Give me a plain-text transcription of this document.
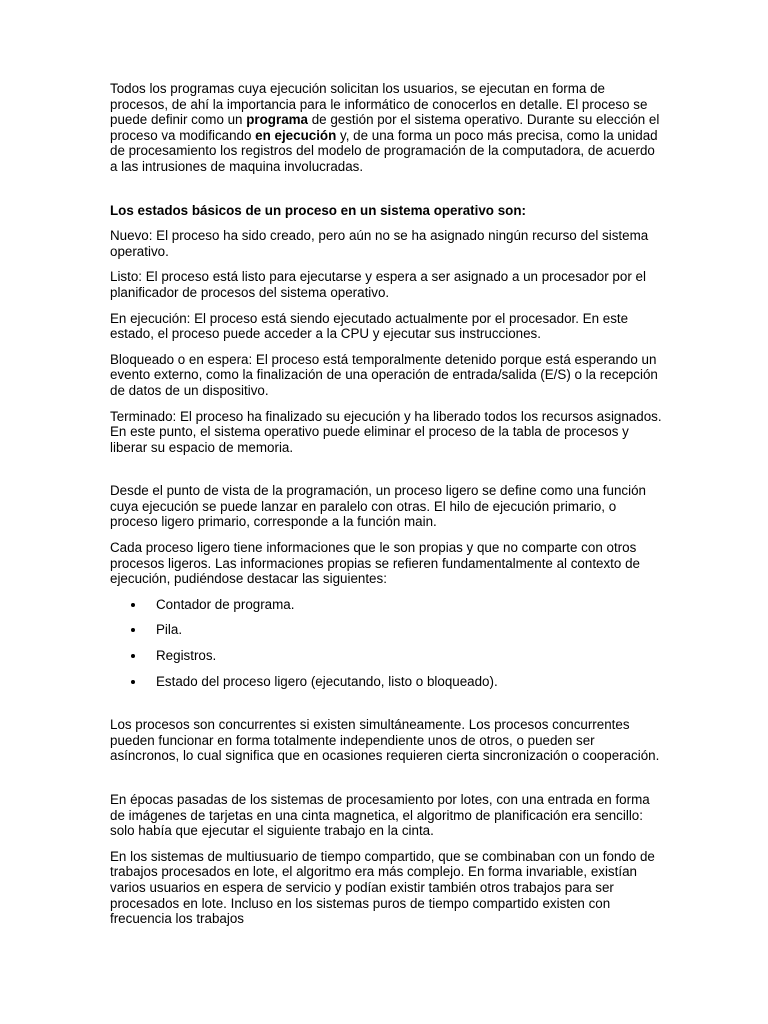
Todos los programas cuya ejecución solicitan los usuarios, se ejecutan en forma de procesos, de ahí la importancia para le informático de conocerlos en detalle. El proceso se puede definir como un programa de gestión por el sistema operativo. Durante su elección el proceso va modificando en ejecución y, de una forma un poco más precisa, como la unidad de procesamiento los registros del modelo de programación de la computadora, de acuerdo a las intrusiones de maquina involucradas.

Los estados básicos de un proceso en un sistema operativo son:

Nuevo: El proceso ha sido creado, pero aún no se ha asignado ningún recurso del sistema operativo.

Listo: El proceso está listo para ejecutarse y espera a ser asignado a un procesador por el planificador de procesos del sistema operativo.

En ejecución: El proceso está siendo ejecutado actualmente por el procesador. En este estado, el proceso puede acceder a la CPU y ejecutar sus instrucciones.

Bloqueado o en espera: El proceso está temporalmente detenido porque está esperando un evento externo, como la finalización de una operación de entrada/salida (E/S) o la recepción de datos de un dispositivo.

Terminado: El proceso ha finalizado su ejecución y ha liberado todos los recursos asignados. En este punto, el sistema operativo puede eliminar el proceso de la tabla de procesos y liberar su espacio de memoria.

Desde el punto de vista de la programación, un proceso ligero se define como una función cuya ejecución se puede lanzar en paralelo con otras. El hilo de ejecución primario, o proceso ligero primario, corresponde a la función main.

Cada proceso ligero tiene informaciones que le son propias y que no comparte con otros procesos ligeros. Las informaciones propias se refieren fundamentalmente al contexto de ejecución, pudiéndose destacar las siguientes:

Contador de programa.
Pila.
Registros.
Estado del proceso ligero (ejecutando, listo o bloqueado).

Los procesos son concurrentes si existen simultáneamente. Los procesos concurrentes pueden funcionar en forma totalmente independiente unos de otros, o pueden ser asíncronos, lo cual significa que en ocasiones requieren cierta sincronización o cooperación.

En épocas pasadas de los sistemas de procesamiento por lotes, con una entrada en forma de imágenes de tarjetas en una cinta magnetica, el algoritmo de planificación era sencillo: solo había que ejecutar el siguiente trabajo en la cinta.

En los sistemas de multiusuario de tiempo compartido, que se combinaban con un fondo de trabajos procesados en lote, el algoritmo era más complejo. En forma invariable, existían varios usuarios en espera de servicio y podían existir también otros trabajos para ser procesados en lote. Incluso en los sistemas puros de tiempo compartido existen con frecuencia los trabajos
